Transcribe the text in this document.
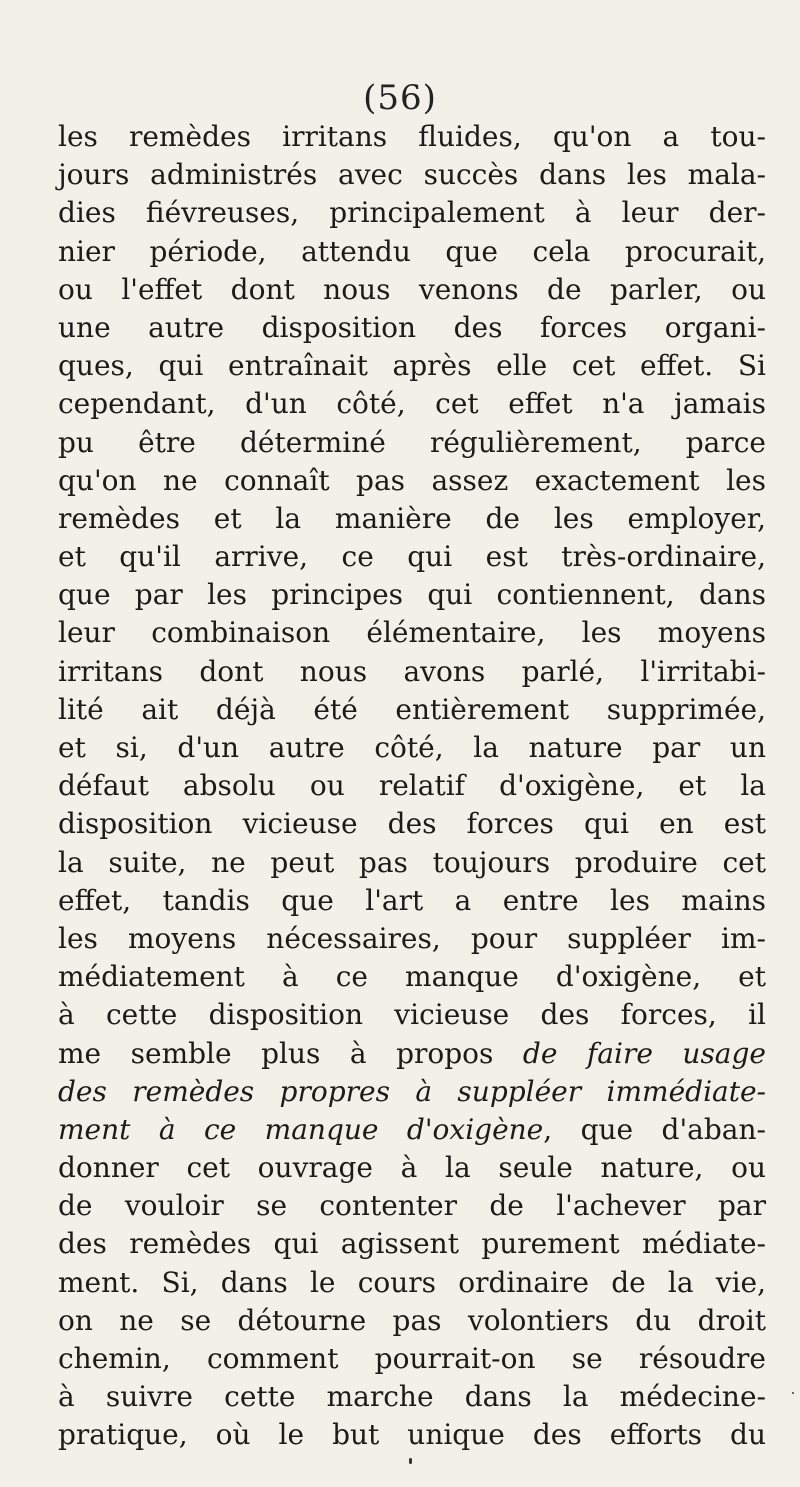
(56)
les remèdes irritans fluides, qu'on a tou-
jours administrés avec succès dans les mala-
dies fiévreuses, principalement à leur der-
nier période, attendu que cela procurait,
ou l'effet dont nous venons de parler, ou
une autre disposition des forces organi-
ques, qui entraînait après elle cet effet. Si
cependant, d'un côté, cet effet n'a jamais
pu être déterminé régulièrement, parce
qu'on ne connaît pas assez exactement les
remèdes et la manière de les employer,
et qu'il arrive, ce qui est très-ordinaire,
que par les principes qui contiennent, dans
leur combinaison élémentaire, les moyens
irritans dont nous avons parlé, l'irritabi-
lité ait déjà été entièrement supprimée,
et si, d'un autre côté, la nature par un
défaut absolu ou relatif d'oxigène, et la
disposition vicieuse des forces qui en est
la suite, ne peut pas toujours produire cet
effet, tandis que l'art a entre les mains
les moyens nécessaires, pour suppléer im-
médiatement à ce manque d'oxigène, et
à cette disposition vicieuse des forces, il
me semble plus à propos de faire usage
des remèdes propres à suppléer immédiate-
ment à ce manque d'oxigène, que d'aban-
donner cet ouvrage à la seule nature, ou
de vouloir se contenter de l'achever par
des remèdes qui agissent purement médiate-
ment. Si, dans le cours ordinaire de la vie,
on ne se détourne pas volontiers du droit
chemin, comment pourrait-on se résoudre
à suivre cette marche dans la médecine-
pratique, où le but unique des efforts du
